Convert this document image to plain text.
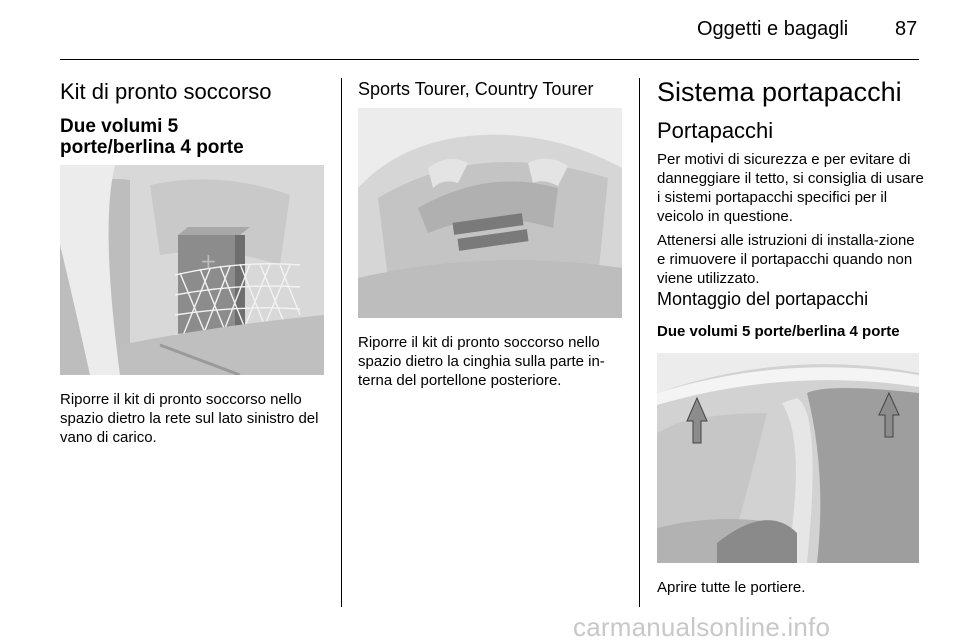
Oggetti e bagagli 87
Kit di pronto soccorso
Due volumi 5 porte/berlina 4 porte
+
Riporre il kit di pronto soccorso nello spazio dietro la rete sul lato sinistro del vano di carico.
Sports Tourer, Country Tourer
Riporre il kit di pronto soccorso nello spazio dietro la cinghia sulla parte in-terna del portellone posteriore.
Sistema portapacchi
Portapacchi
Per motivi di sicurezza e per evitare di danneggiare il tetto, si consiglia di usare i sistemi portapacchi specifici per il veicolo in questione.
Attenersi alle istruzioni di installa-zione e rimuovere il portapacchi quando non viene utilizzato.
Montaggio del portapacchi
Due volumi 5 porte/berlina 4 porte
Aprire tutte le portiere.
carmanualsonline.info
